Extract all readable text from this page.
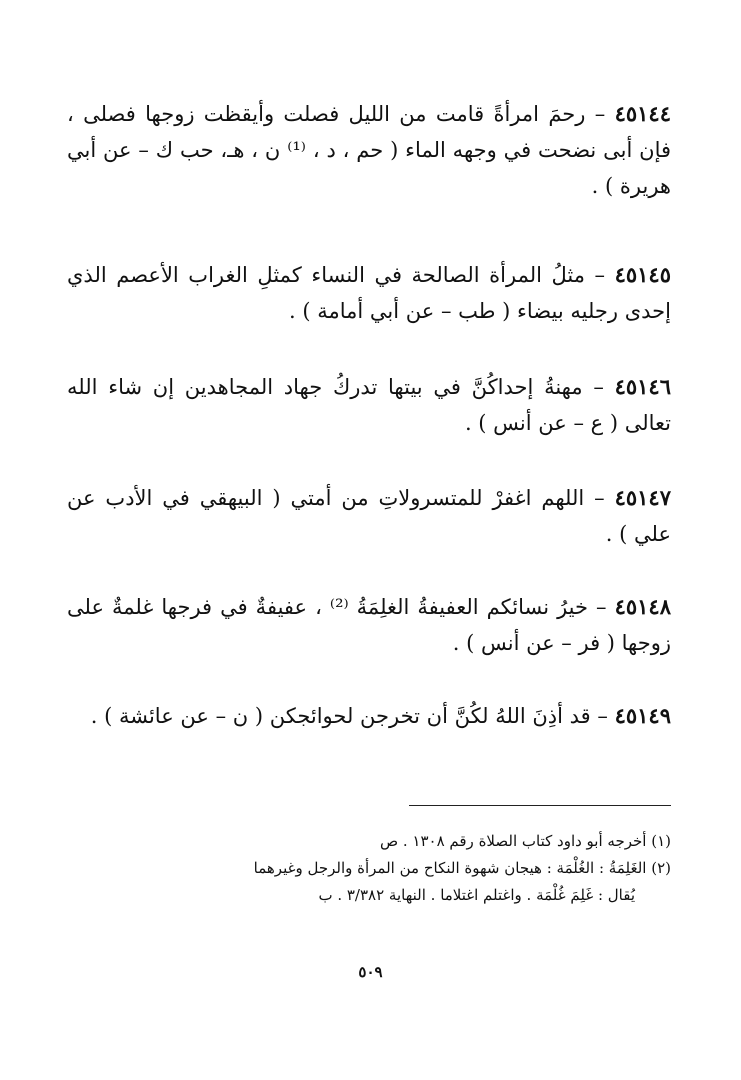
٤٥١٤٤ – رحمَ امرأةً قامت من الليل فصلت وأيقظت زوجها فصلى ، فإن أبى نضحت في وجهه الماء ( حم ، د ، ⁽¹⁾ ن ، هـ، حب ك – عن أبي هريرة ) .

٤٥١٤٥ – مثلُ المرأة الصالحة في النساء كمثلِ الغراب الأعصم الذي إحدى رجليه بيضاء ( طب – عن أبي أمامة ) .

٤٥١٤٦ – مهنةُ إحداكُنَّ في بيتها تدركُ جهاد المجاهدين إن شاء الله تعالى ( ع – عن أنس ) .

٤٥١٤٧ – اللهم اغفرْ للمتسرولاتِ من أمتي ( البيهقي في الأدب عن علي ) .

٤٥١٤٨ – خيرُ نسائكم العفيفةُ الغلِمَةُ ⁽²⁾ ، عفيفةٌ في فرجها غلمةٌ على زوجها ( فر – عن أنس ) .

٤٥١٤٩ – قد أذِنَ اللهُ لكُنَّ أن تخرجن لحوائجكن ( ن – عن عائشة ) .

(١) أخرجه أبو داود كتاب الصلاة رقم ١٣٠٨ . ص

(٢) الغَلِمَةُ : الغُلْمَة : هيجان شهوة النكاح من المرأة والرجل وغيرهما

يُقال : غَلِمَ غُلْمَة . واغتلم اغتلاما . النهاية ٣/٣٨٢ . ب

٥٠٩
